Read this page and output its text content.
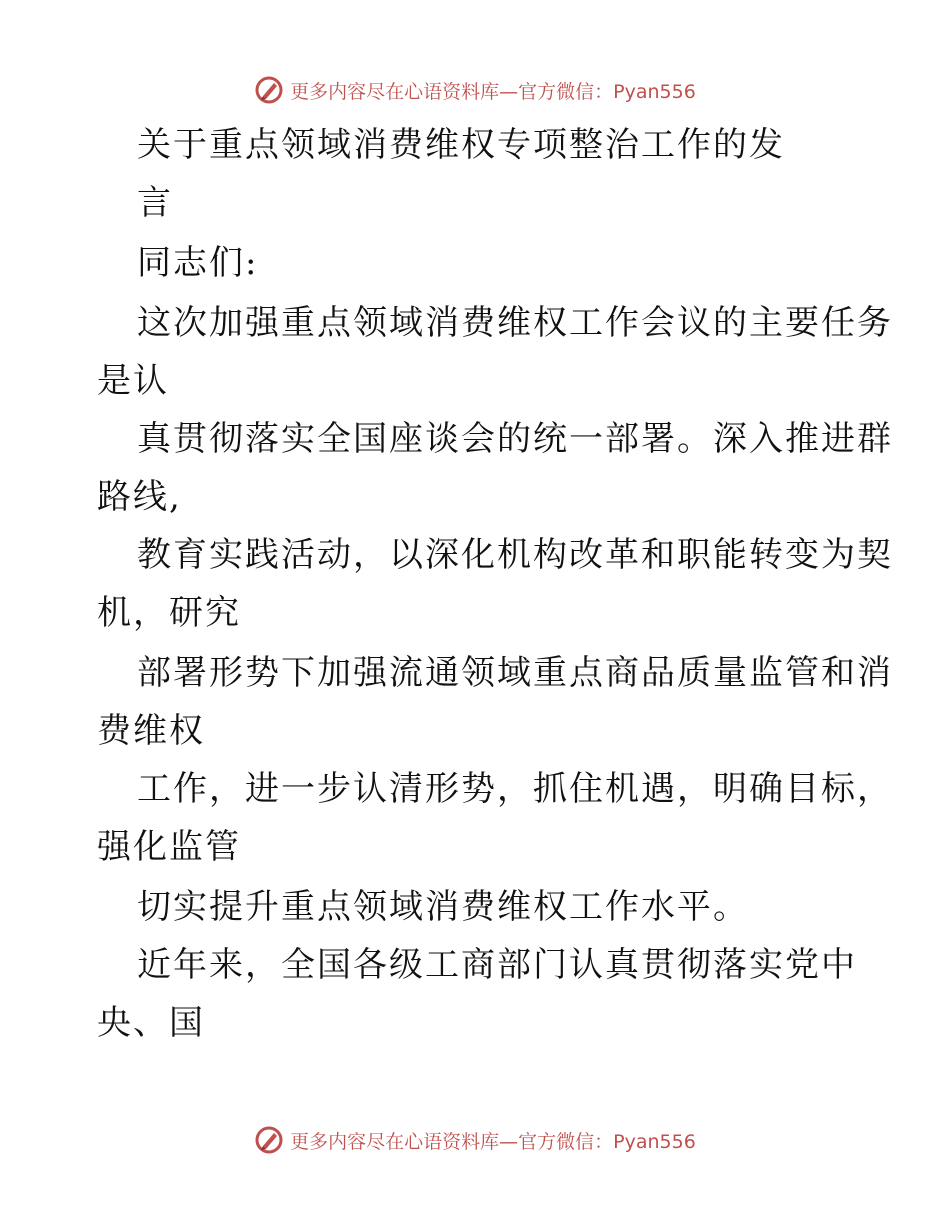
更多内容尽在心语资料库—官方微信：Pyan556
关于重点领域消费维权专项整治工作的发
言
同志们:
这次加强重点领域消费维权工作会议的主要任务
是认
真贯彻落实全国座谈会的统一部署。深入推进群
路线,
教育实践活动，以深化机构改革和职能转变为契
机，研究
部署形势下加强流通领域重点商品质量监管和消
费维权
工作，进一步认清形势，抓住机遇，明确目标，
强化监管
切实提升重点领域消费维权工作水平。
近年来，全国各级工商部门认真贯彻落实党中
央、国
更多内容尽在心语资料库—官方微信：Pyan556
